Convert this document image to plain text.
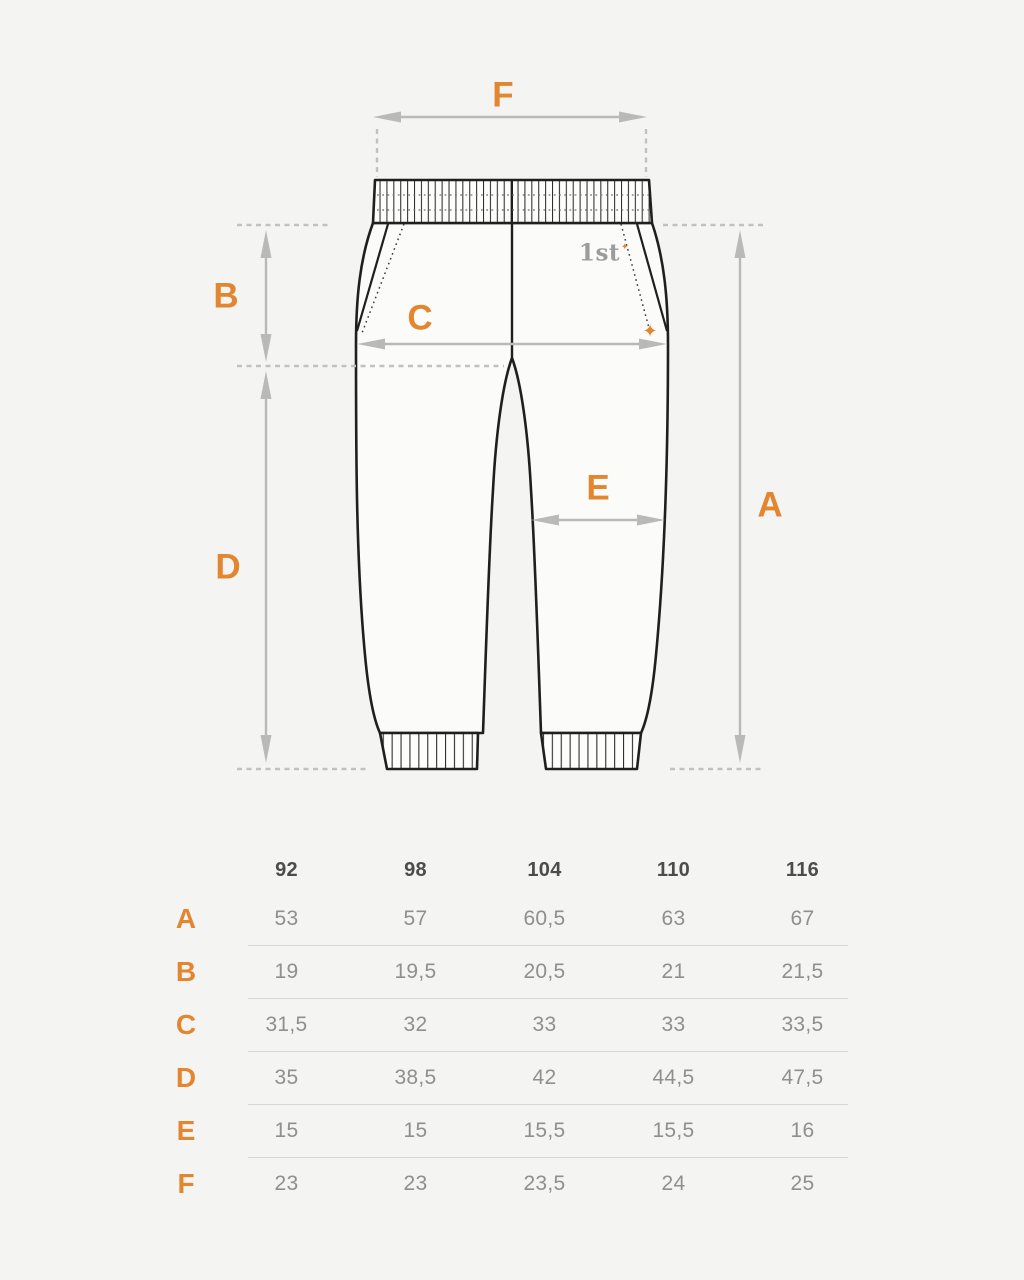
F
B
C
D
E	A
1st✦
✦
92	98	104	110	116
A	53	57	60,5	63	67
B	19	19,5	20,5	21	21,5
C	31,5	32	33	33	33,5
D	35	38,5	42	44,5	47,5
E	15	15	15,5	15,5	16
F	23	23	23,5	24	25
